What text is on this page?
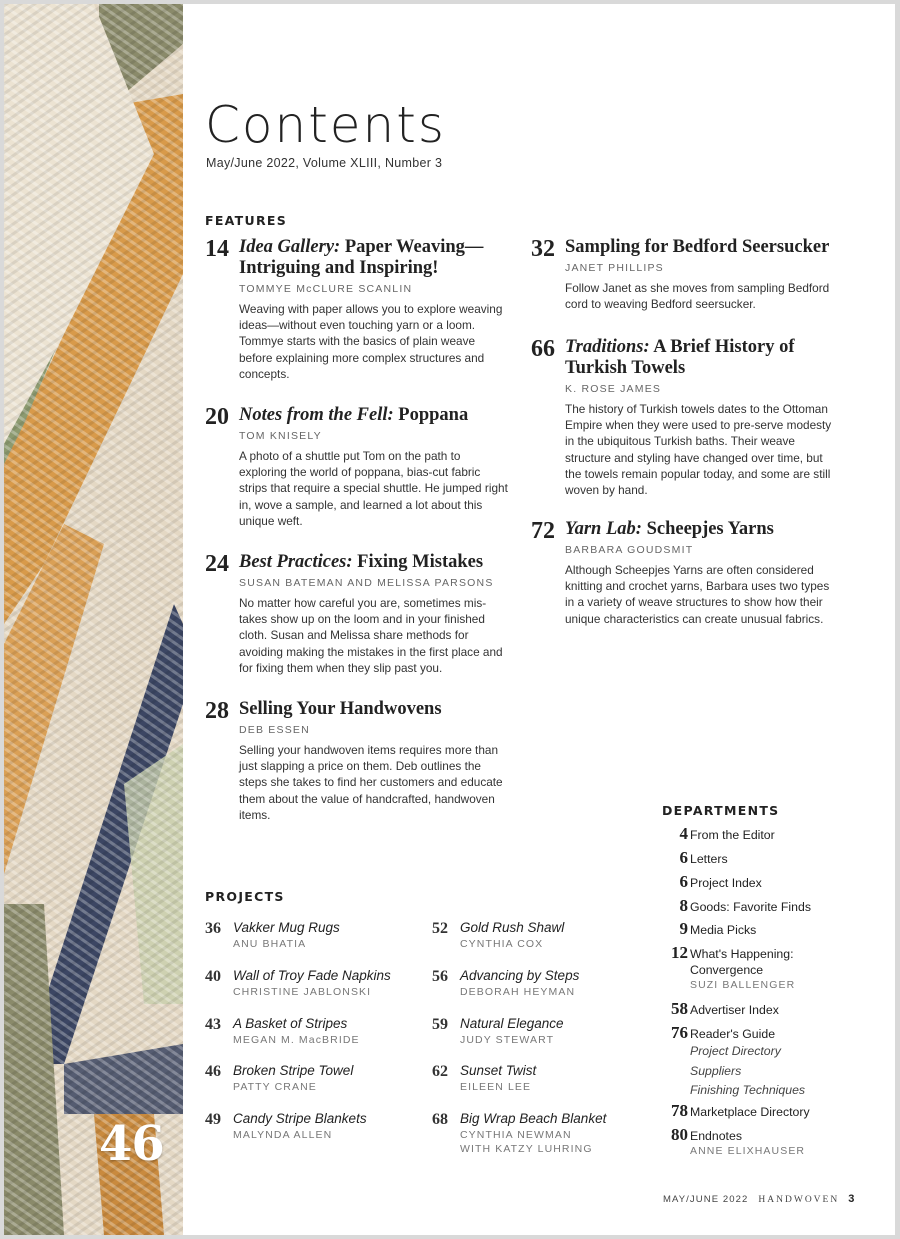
46
Contents
May/June 2022, Volume XLIII, Number 3
FEATURES
14 Idea Gallery: Paper Weaving—Intriguing and Inspiring!
TOMMYE McCLURE SCANLIN
Weaving with paper allows you to explore weaving ideas—without even touching yarn or a loom. Tommye starts with the basics of plain weave before explaining more complex structures and concepts.
20 Notes from the Fell: Poppana
TOM KNISELY
A photo of a shuttle put Tom on the path to exploring the world of poppana, bias-cut fabric strips that require a special shuttle. He jumped right in, wove a sample, and learned a lot about this unique weft.
24 Best Practices: Fixing Mistakes
SUSAN BATEMAN AND MELISSA PARSONS
No matter how careful you are, sometimes mis-takes show up on the loom and in your finished cloth. Susan and Melissa share methods for avoiding making the mistakes in the first place and for fixing them when they slip past you.
28 Selling Your Handwovens
DEB ESSEN
Selling your handwoven items requires more than just slapping a price on them. Deb outlines the steps she takes to find her customers and educate them about the value of handcrafted, handwoven items.
32 Sampling for Bedford Seersucker
JANET PHILLIPS
Follow Janet as she moves from sampling Bedford cord to weaving Bedford seersucker.
66 Traditions: A Brief History of Turkish Towels
K. ROSE JAMES
The history of Turkish towels dates to the Ottoman Empire when they were used to pre-serve modesty in the ubiquitous Turkish baths. Their weave structure and styling have changed over time, but the towels remain popular today, and some are still woven by hand.
72 Yarn Lab: Scheepjes Yarns
BARBARA GOUDSMIT
Although Scheepjes Yarns are often considered knitting and crochet yarns, Barbara uses two types in a variety of weave structures to show how their unique characteristics can create unusual fabrics.
PROJECTS
36 Vakker Mug Rugs
ANU BHATIA
40 Wall of Troy Fade Napkins
CHRISTINE JABLONSKI
43 A Basket of Stripes
MEGAN M. MacBRIDE
46 Broken Stripe Towel
PATTY CRANE
49 Candy Stripe Blankets
MALYNDA ALLEN
52 Gold Rush Shawl
CYNTHIA COX
56 Advancing by Steps
DEBORAH HEYMAN
59 Natural Elegance
JUDY STEWART
62 Sunset Twist
EILEEN LEE
68 Big Wrap Beach Blanket
CYNTHIA NEWMAN
WITH KATZY LUHRING
DEPARTMENTS
4 From the Editor
6 Letters
6 Project Index
8 Goods: Favorite Finds
9 Media Picks
12 What's Happening:
Convergence
SUZI BALLENGER
58 Advertiser Index
76 Reader's Guide
Project Directory
Suppliers
Finishing Techniques
78 Marketplace Directory
80 Endnotes
ANNE ELIXHAUSER
MAY/JUNE 2022 HANDWOVEN 3
